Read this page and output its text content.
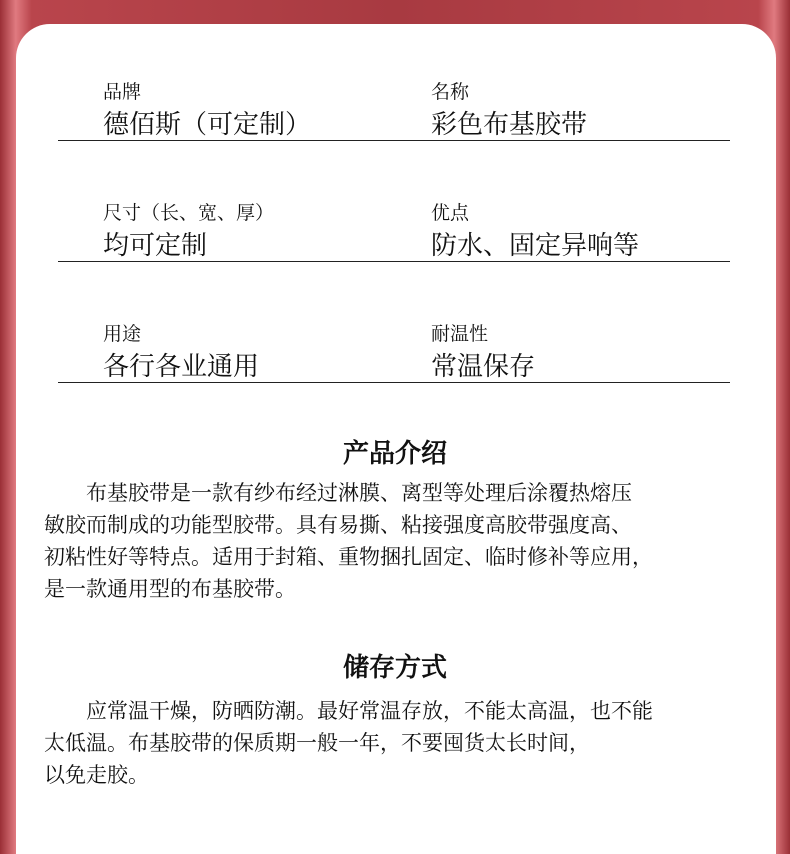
品牌
德佰斯（可定制）
名称
彩色布基胶带
尺寸（长、宽、厚）
均可定制
优点
防水、固定异响等
用途
各行各业通用
耐温性
常温保存
产品介绍
　　布基胶带是一款有纱布经过淋膜、离型等处理后涂覆热熔压
敏胶而制成的功能型胶带。具有易撕、粘接强度高胶带强度高、
初粘性好等特点。适用于封箱、重物捆扎固定、临时修补等应用，
是一款通用型的布基胶带。
储存方式
　　应常温干燥，防晒防潮。最好常温存放，不能太高温，也不能
太低温。布基胶带的保质期一般一年，不要囤货太长时间，
以免走胶。
